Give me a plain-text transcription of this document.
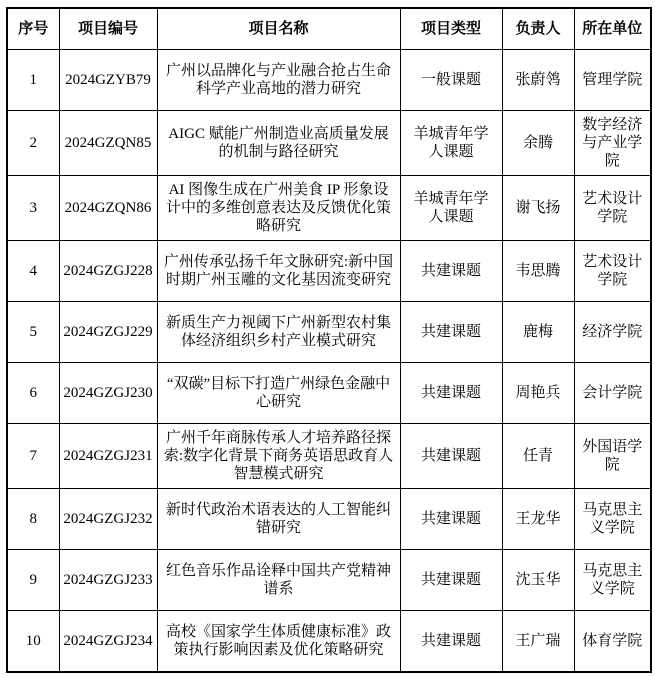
序号	项目编号	项目名称	项目类型	负责人	所在单位
1	2024GZYB79	广州以品牌化与产业融合抢占生命科学产业高地的潜力研究	一般课题	张蔚鸰	管理学院
2	2024GZQN85	AIGC 赋能广州制造业高质量发展的机制与路径研究	羊城青年学人课题	余腾	数字经济与产业学院
3	2024GZQN86	AI 图像生成在广州美食 IP 形象设计中的多维创意表达及反馈优化策略研究	羊城青年学人课题	谢飞扬	艺术设计学院
4	2024GZGJ228	广州传承弘扬千年文脉研究:新中国时期广州玉雕的文化基因流变研究	共建课题	韦思腾	艺术设计学院
5	2024GZGJ229	新质生产力视阈下广州新型农村集体经济组织乡村产业模式研究	共建课题	鹿梅	经济学院
6	2024GZGJ230	“双碳”目标下打造广州绿色金融中心研究	共建课题	周艳兵	会计学院
7	2024GZGJ231	广州千年商脉传承人才培养路径探索:数字化背景下商务英语思政育人智慧模式研究	共建课题	任青	外国语学院
8	2024GZGJ232	新时代政治术语表达的人工智能纠错研究	共建课题	王龙华	马克思主义学院
9	2024GZGJ233	红色音乐作品诠释中国共产党精神谱系	共建课题	沈玉华	马克思主义学院
10	2024GZGJ234	高校《国家学生体质健康标准》政策执行影响因素及优化策略研究	共建课题	王广瑞	体育学院
